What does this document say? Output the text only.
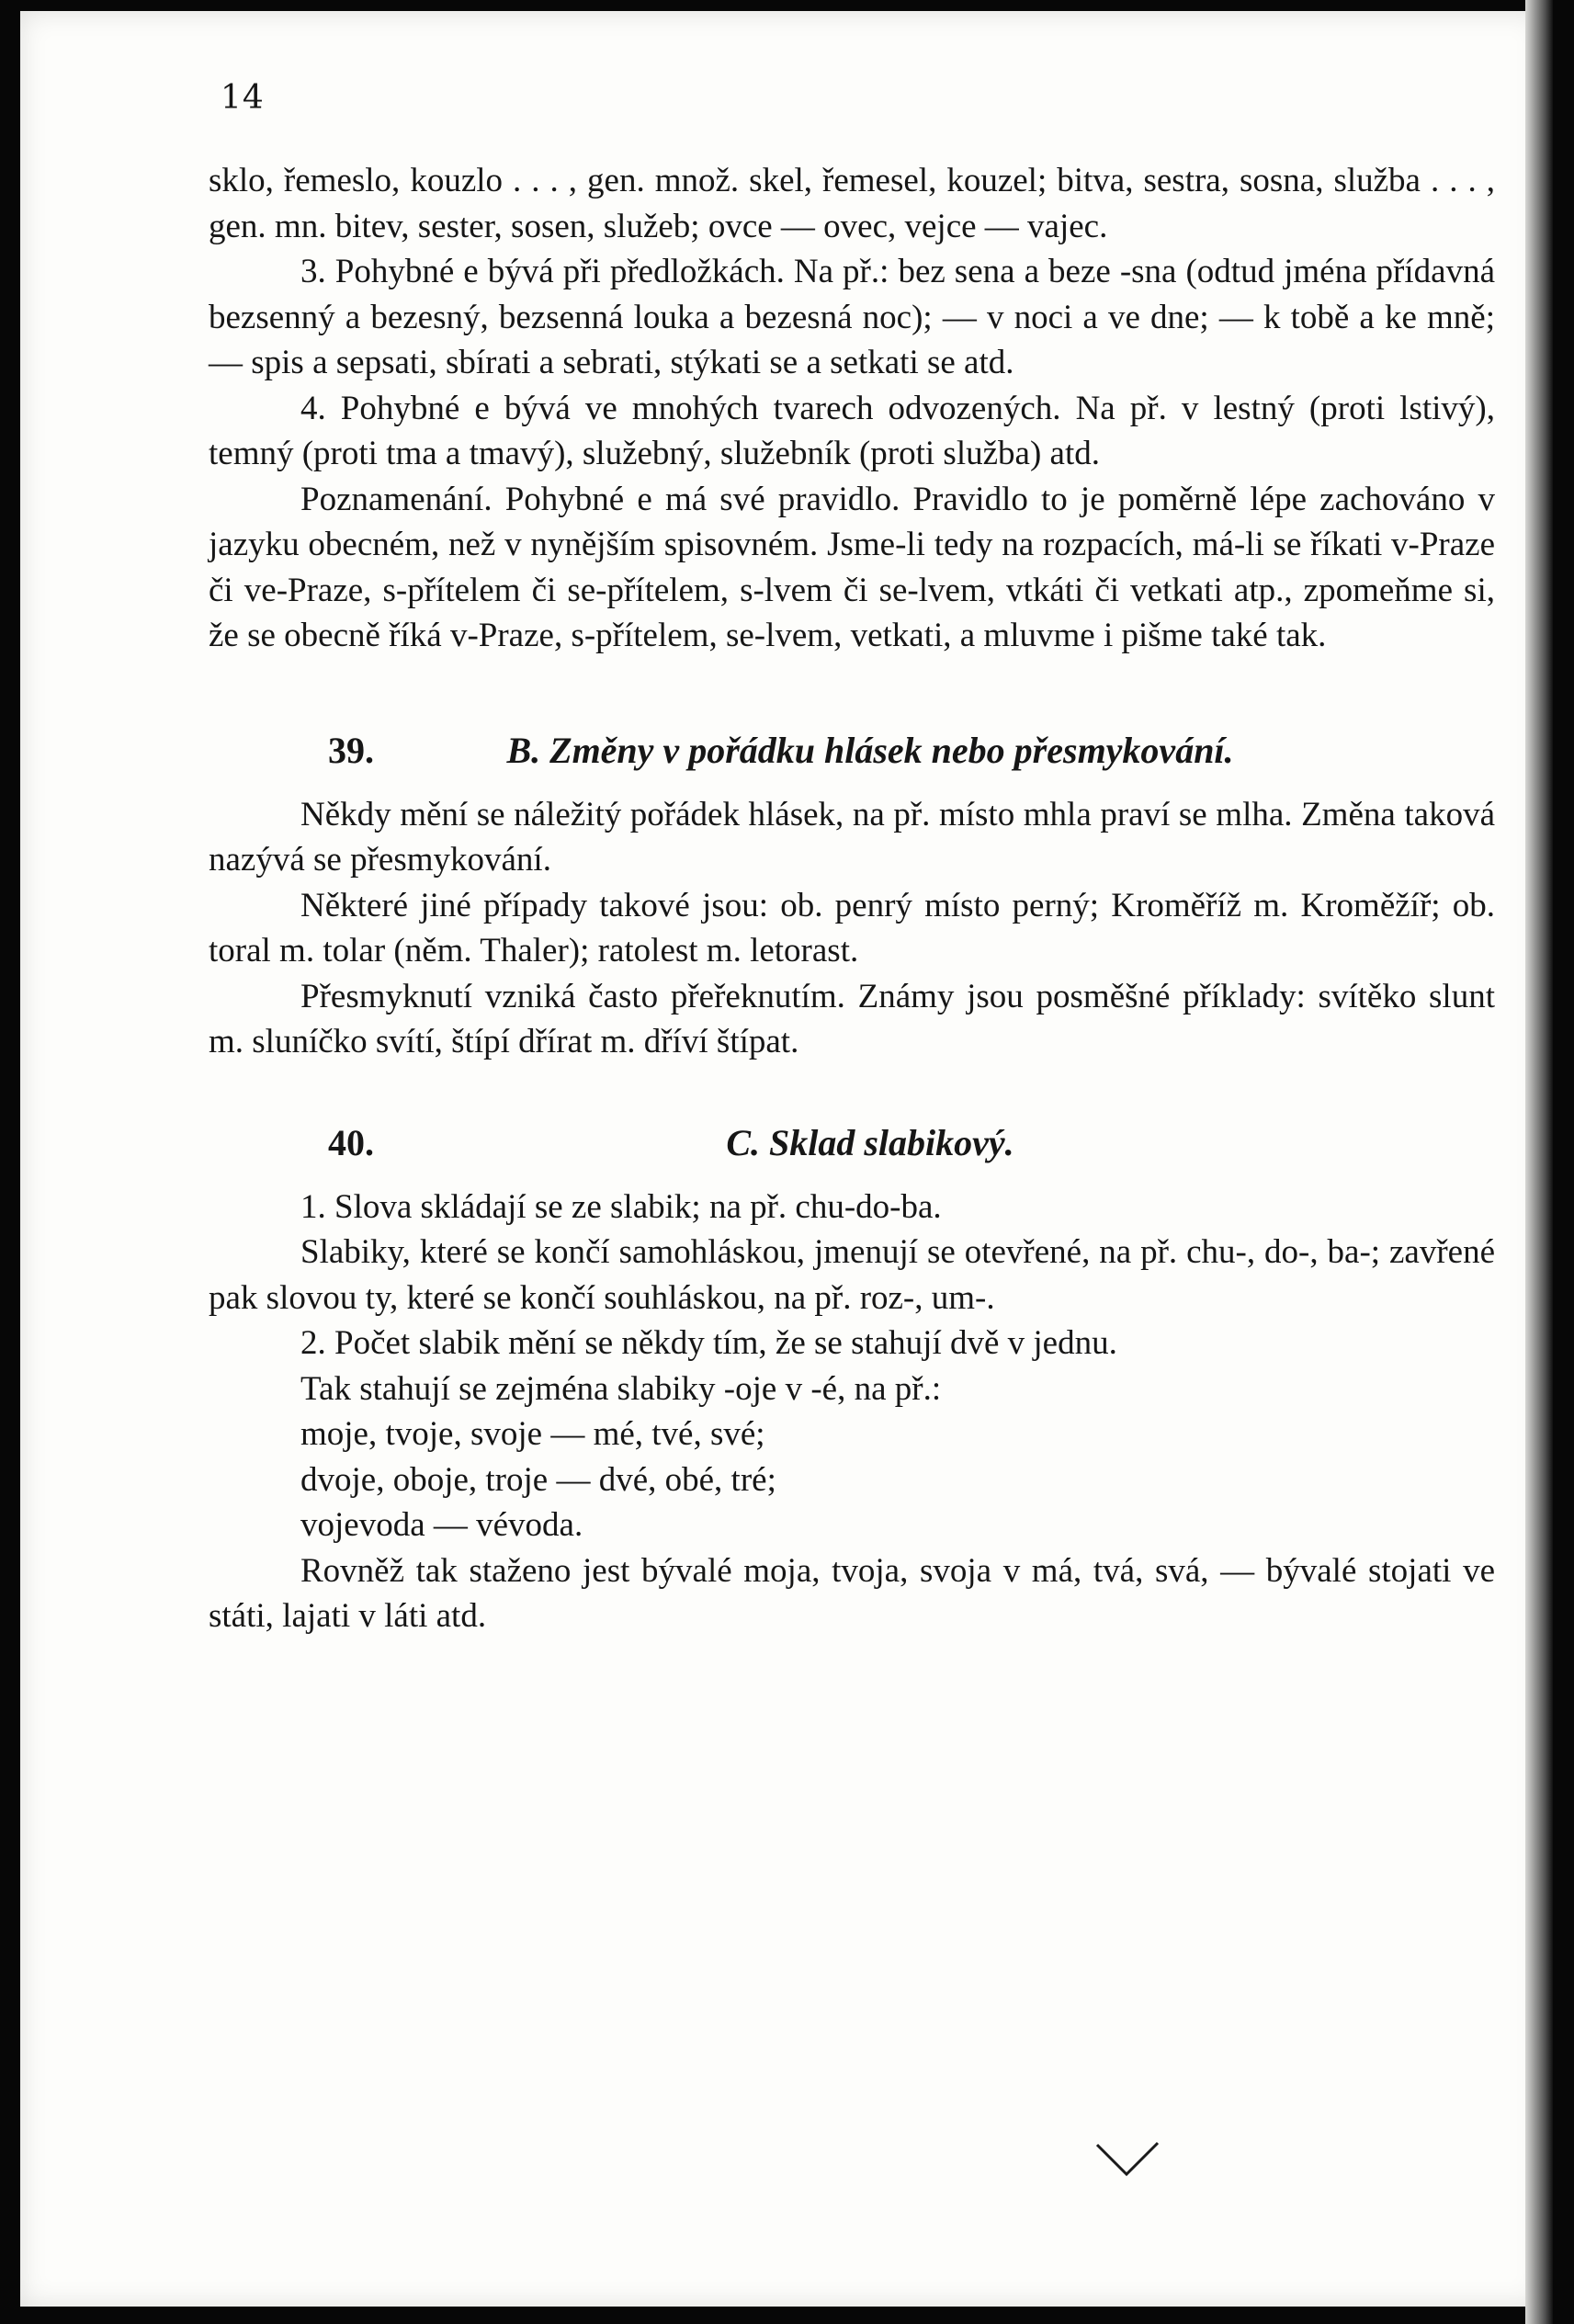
14

sklo, řemeslo, kouzlo . . . , gen. množ. skel, řemesel, kouzel; bitva, sestra, sosna, služba . . . , gen. mn. bitev, sester, sosen, služeb; ovce — ovec, vejce — vajec.

3. Pohybné e bývá při předložkách. Na př.: bez sena a beze -sna (odtud jména přídavná bezsenný a bezesný, bezsenná louka a bezesná noc); — v noci a ve dne; — k tobě a ke mně; — spis a sepsati, sbírati a sebrati, stýkati se a setkati se atd.

4. Pohybné e bývá ve mnohých tvarech odvozených. Na př. v lestný (proti lstivý), temný (proti tma a tmavý), služebný, služebník (proti služba) atd.

Poznamenání. Pohybné e má své pravidlo. Pravidlo to je poměrně lépe zachováno v jazyku obecném, než v nynějším spisovném. Jsme-li tedy na rozpacích, má-li se říkati v-Praze či ve-Praze, s-přítelem či se-přítelem, s-lvem či se-lvem, vtkáti či vetkati atp., zpomeňme si, že se obecně říká v-Praze, s-přítelem, se-lvem, vetkati, a mluvme i pišme také tak.

39.	B. Změny v pořádku hlásek nebo přesmykování.

Někdy mění se náležitý pořádek hlásek, na př. místo mhla praví se mlha. Změna taková nazývá se přesmykování.

Některé jiné případy takové jsou: ob. penrý místo perný; Kroměříž m. Kroměžíř; ob. toral m. tolar (něm. Thaler); ratolest m. letorast.

Přesmyknutí vzniká často přeřeknutím. Známy jsou posměšné příklady: svítěko slunt m. sluníčko svítí, štípí dřírat m. dříví štípat.

40.	C. Sklad slabikový.

1. Slova skládají se ze slabik; na př. chu-do-ba.

Slabiky, které se končí samohláskou, jmenují se otevřené, na př. chu-, do-, ba-; zavřené pak slovou ty, které se končí souhláskou, na př. roz-, um-.

2. Počet slabik mění se někdy tím, že se stahují dvě v jednu.

Tak stahují se zejména slabiky -oje v -é, na př.:

moje, tvoje, svoje — mé, tvé, své;

dvoje, oboje, troje — dvé, obé, tré;

vojevoda — vévoda.

Rovněž tak staženo jest bývalé moja, tvoja, svoja v má, tvá, svá, — bývalé stojati ve státi, lajati v láti atd.
